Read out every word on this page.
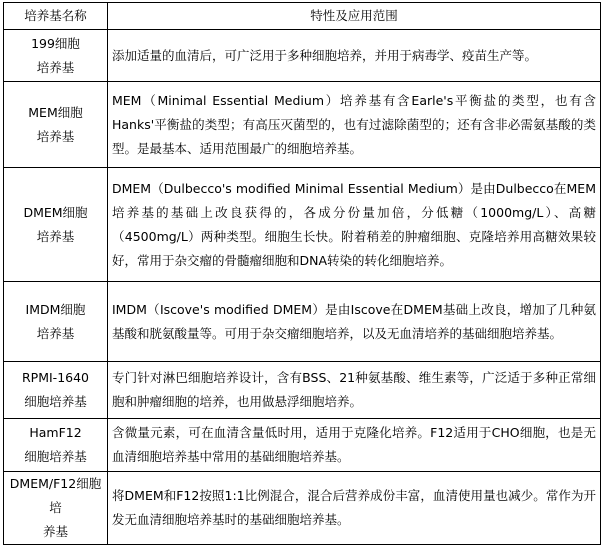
培养基名称	特性及应用范围

199细胞
培养基	添加适量的血清后，可广泛用于多种细胞培养，并用于病毒学、疫苗生产等。

MEM细胞
培养基	MEM（Minimal Essential Medium）培养基有含Earle's平衡盐的类型，也有含Hanks'平衡盐的类型；有高压灭菌型的，也有过滤除菌型的；还有含非必需氨基酸的类型。是最基本、适用范围最广的细胞培养基。

DMEM细胞
培养基	DMEM（Dulbecco's modified Minimal Essential Medium）是由Dulbecco在MEM培养基的基础上改良获得的，各成分份量加倍，分低糖（1000mg/L）、高糖（4500mg/L）两种类型。细胞生长快。附着稍差的肿瘤细胞、克隆培养用高糖效果较好，常用于杂交瘤的骨髓瘤细胞和DNA转染的转化细胞培养。

IMDM细胞
培养基	IMDM（Iscove's modified DMEM）是由Iscove在DMEM基础上改良，增加了几种氨基酸和胱氨酸量等。可用于杂交瘤细胞培养，以及无血清培养的基础细胞培养基。

RPMI-1640
细胞培养基	专门针对淋巴细胞培养设计，含有BSS、21种氨基酸、维生素等，广泛适于多种正常细胞和肿瘤细胞的培养，也用做悬浮细胞培养。

HamF12
细胞培养基	含微量元素，可在血清含量低时用，适用于克隆化培养。F12适用于CHO细胞，也是无血清细胞培养基中常用的基础细胞培养基。

DMEM/F12细胞培
养基	将DMEM和F12按照1:1比例混合，混合后营养成份丰富，血清使用量也减少。常作为开发无血清细胞培养基时的基础细胞培养基。
